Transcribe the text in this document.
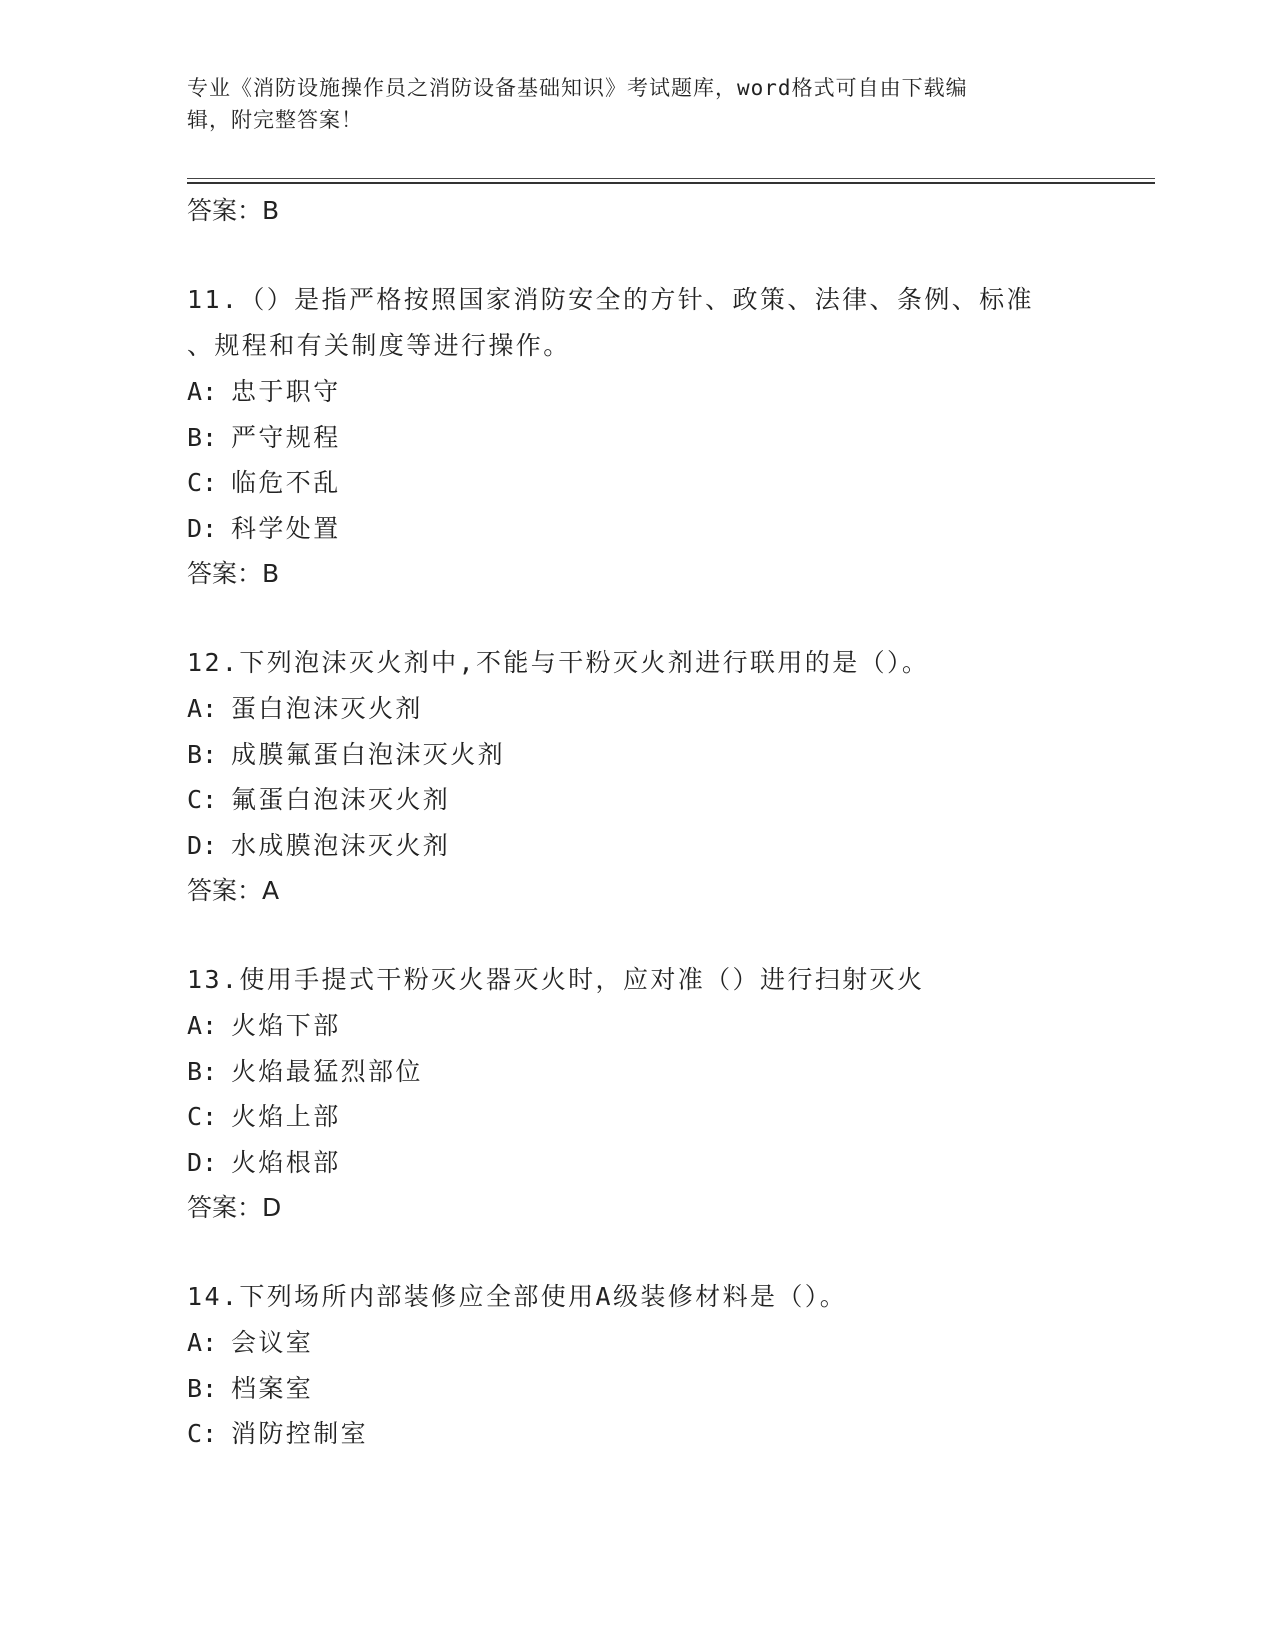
专业《消防设施操作员之消防设备基础知识》考试题库，word格式可自由下载编
辑，附完整答案！
答案：B
11.（）是指严格按照国家消防安全的方针、政策、法律、条例、标准
、规程和有关制度等进行操作。
A: 忠于职守
B: 严守规程
C: 临危不乱
D: 科学处置
答案：B
12.下列泡沫灭火剂中,不能与干粉灭火剂进行联用的是（）。
A: 蛋白泡沫灭火剂
B: 成膜氟蛋白泡沫灭火剂
C: 氟蛋白泡沫灭火剂
D: 水成膜泡沫灭火剂
答案：A
13.使用手提式干粉灭火器灭火时，应对准（）进行扫射灭火
A: 火焰下部
B: 火焰最猛烈部位
C: 火焰上部
D: 火焰根部
答案：D
14.下列场所内部装修应全部使用A级装修材料是（）。
A: 会议室
B: 档案室
C: 消防控制室
